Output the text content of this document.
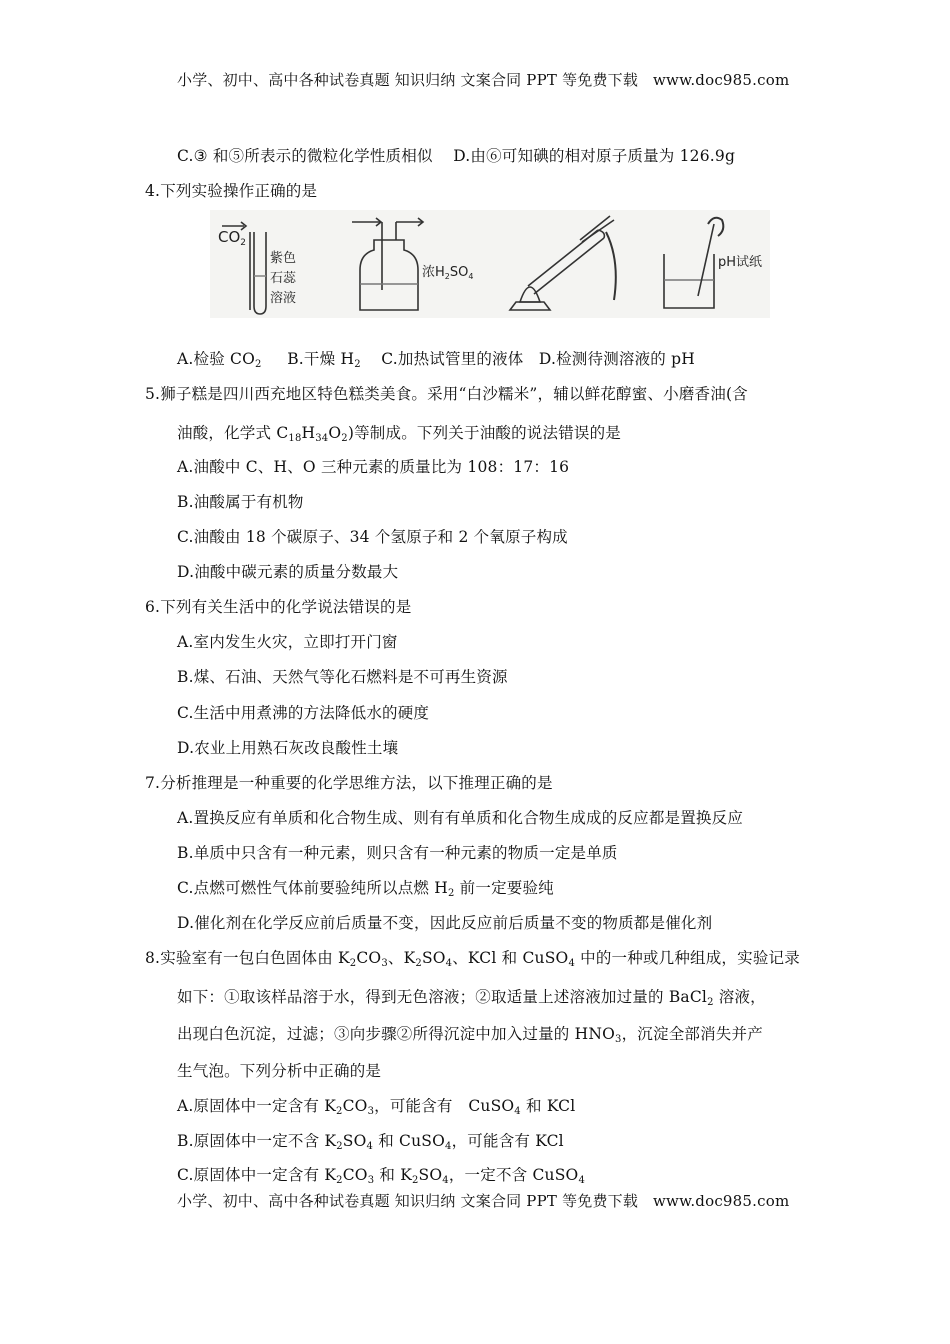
小学、初中、高中各种试卷真题 知识归纳 文案合同 PPT 等免费下载 www.doc985.com
C.③ 和⑤所表示的微粒化学性质相似 D.由⑥可知碘的相对原子质量为 126.9g
4.下列实验操作正确的是
$CO_2$
紫色
石蕊
溶液
浓$H_2SO_4$
pH试纸
A.检验 $CO_2$ B.干燥 $H_2$ C.加热试管里的液体 D.检测待测溶液的 pH
5.狮子糕是四川西充地区特色糕类美食。采用“白沙糯米”，辅以鲜花醇蜜、小磨香油(含
油酸，化学式 $C_{18}H_{34}O_2$)等制成。下列关于油酸的说法错误的是
A.油酸中 C、H、O 三种元素的质量比为 108：17：16
B.油酸属于有机物
C.油酸由 18 个碳原子、34 个氢原子和 2 个氧原子构成
D.油酸中碳元素的质量分数最大
6.下列有关生活中的化学说法错误的是
A.室内发生火灾，立即打开门窗
B.煤、石油、天然气等化石燃料是不可再生资源
C.生活中用煮沸的方法降低水的硬度
D.农业上用熟石灰改良酸性土壤
7.分析推理是一种重要的化学思维方法，以下推理正确的是
A.置换反应有单质和化合物生成、则有有单质和化合物生成成的反应都是置换反应
B.单质中只含有一种元素，则只含有一种元素的物质一定是单质
C.点燃可燃性气体前要验纯所以点燃 $H_2$ 前一定要验纯
D.催化剂在化学反应前后质量不变，因此反应前后质量不变的物质都是催化剂
8.实验室有一包白色固体由 $K_2CO_3$、$K_2SO_4$、KCl 和 CuSO$_4$ 中的一种或几种组成，实验记录
如下：①取该样品溶于水，得到无色溶液；②取适量上述溶液加过量的 BaCl$_2$ 溶液，
出现白色沉淀，过滤；③向步骤②所得沉淀中加入过量的 $HNO_3$，沉淀全部消失并产
生气泡。下列分析中正确的是
A.原固体中一定含有 $K_2CO_3$，可能含有　CuSO$_4$ 和 KCl
B.原固体中一定不含 $K_2SO_4$ 和 CuSO$_4$，可能含有 KCl
C.原固体中一定含有 $K_2CO_3$ 和 $K_2SO_4$，一定不含 CuSO$_4$
小学、初中、高中各种试卷真题 知识归纳 文案合同 PPT 等免费下载 www.doc985.com
